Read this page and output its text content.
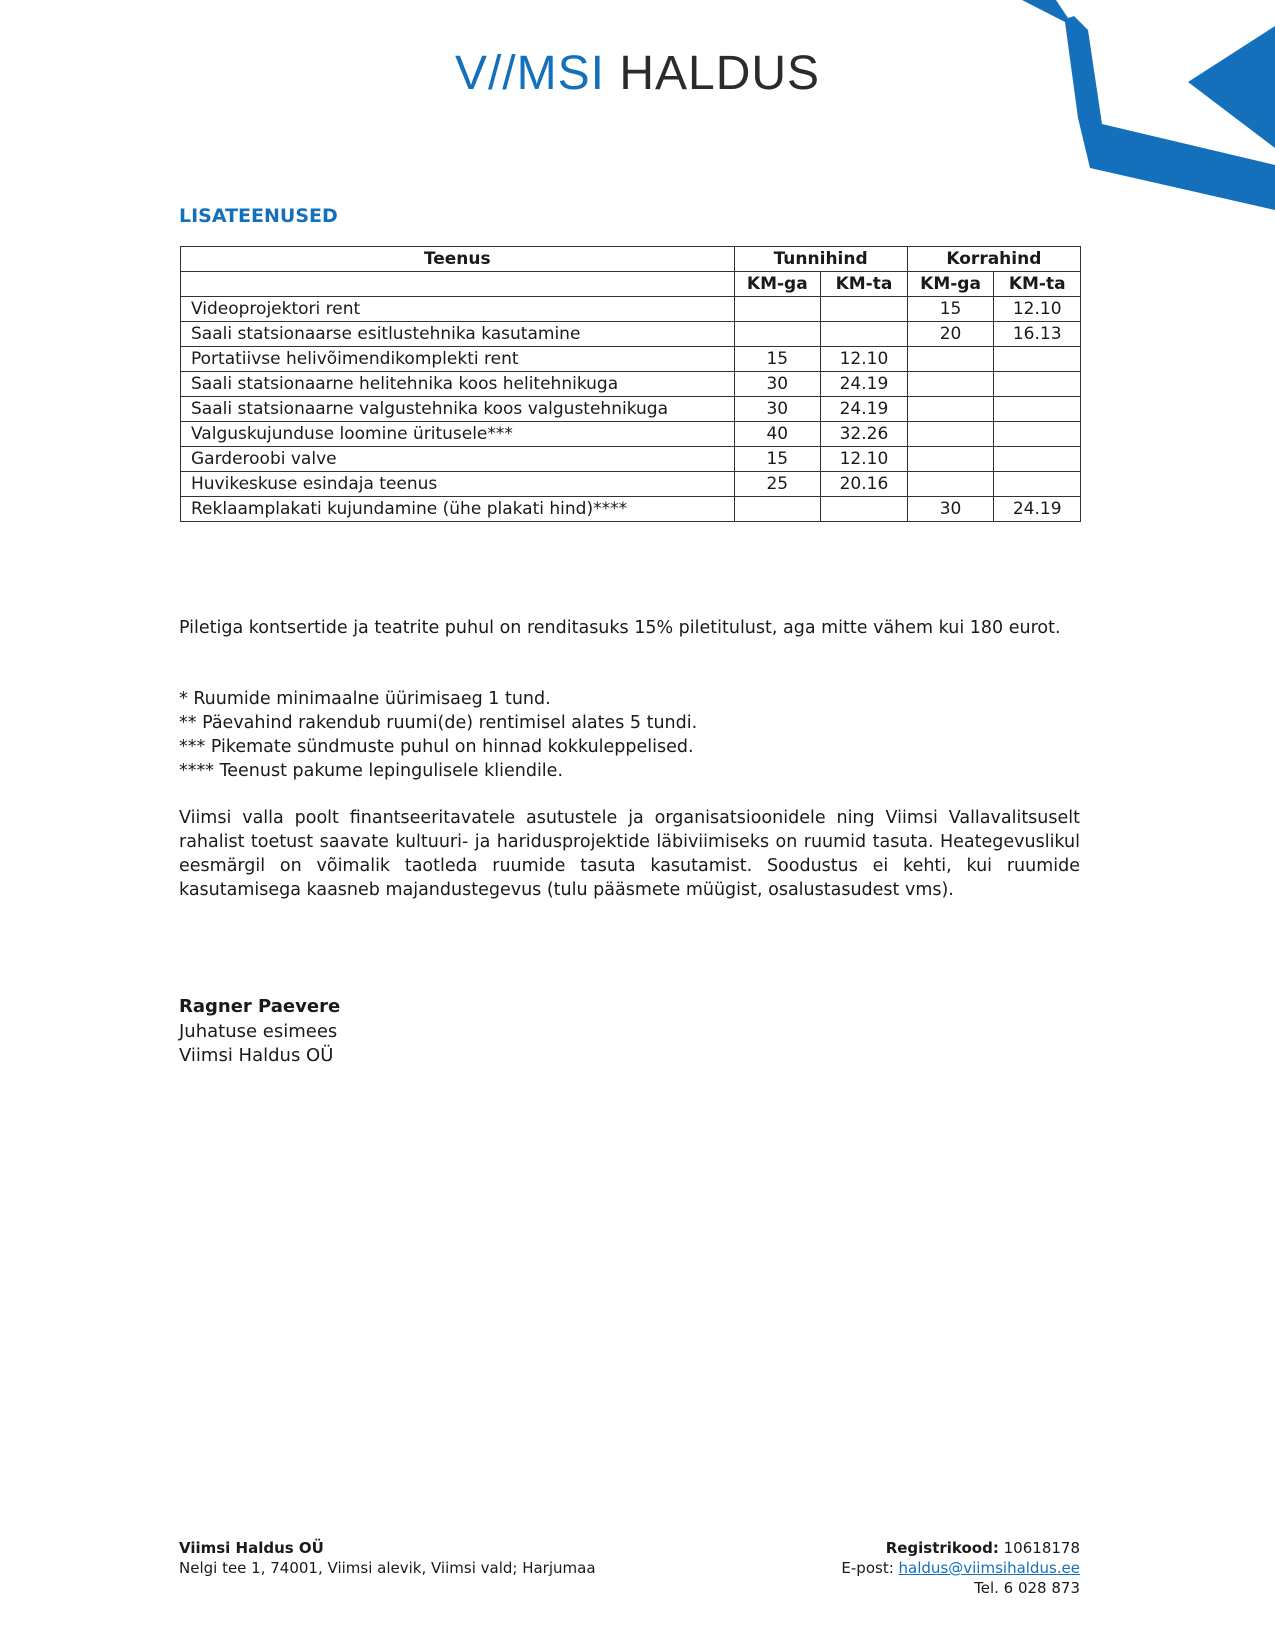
V//MSI HALDUS
LISATEENUSED
Teenus	Tunnihind		Korrahind	
	KM-ga	KM-ta	KM-ga	KM-ta
Videoprojektori rent			15	12.10
Saali statsionaarse esitlustehnika kasutamine			20	16.13
Portatiivse helivõimendikomplekti rent	15	12.10		
Saali statsionaarne helitehnika koos helitehnikuga	30	24.19		
Saali statsionaarne valgustehnika koos valgustehnikuga	30	24.19		
Valguskujunduse loomine üritusele***	40	32.26		
Garderoobi valve	15	12.10		
Huvikeskuse esindaja teenus	25	20.16		
Reklaamplakati kujundamine (ühe plakati hind)****			30	24.19

Piletiga kontsertide ja teatrite puhul on renditasuks 15% piletitulust, aga mitte vähem kui 180 eurot.

* Ruumide minimaalne üürimisaeg 1 tund.

** Päevahind rakendub ruumi(de) rentimisel alates 5 tundi.

*** Pikemate sündmuste puhul on hinnad kokkuleppelised.

**** Teenust pakume lepingulisele kliendile.

Viimsi valla poolt finantseeritavatele asutustele ja organisatsioonidele ning Viimsi Vallavalitsuselt rahalist toetust saavate kultuuri- ja haridusprojektide läbiviimiseks on ruumid tasuta. Heategevuslikul eesmärgil on võimalik taotleda ruumide tasuta kasutamist. Soodustus ei kehti, kui ruumide kasutamisega kaasneb majandustegevus (tulu pääsmete müügist, osalustasudest vms).

Ragner Paevere
Juhatuse esimees
Viimsi Haldus OÜ
Viimsi Haldus OÜ
Nelgi tee 1, 74001, Viimsi alevik, Viimsi vald; Harjumaa
Registrikood: 10618178
E-post: haldus@viimsihaldus.ee
Tel. 6 028 873
